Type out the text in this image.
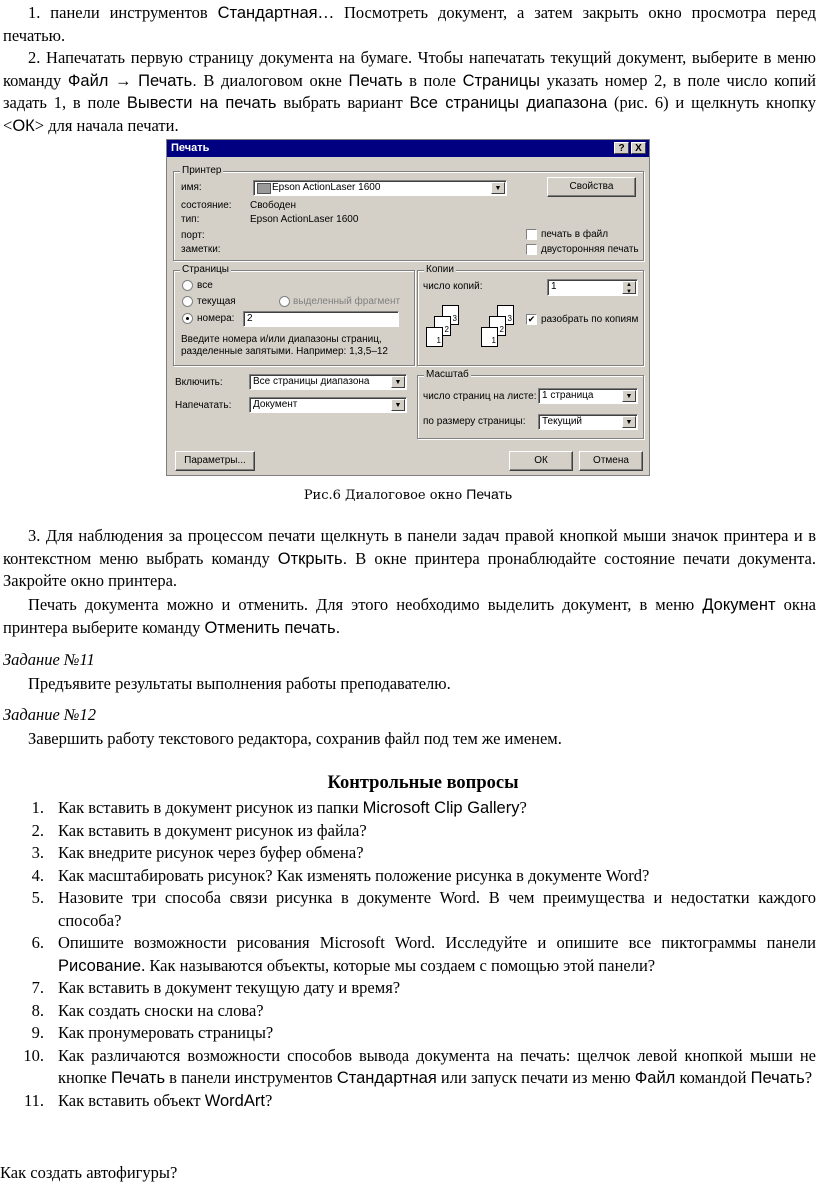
1. панели инструментов Стандартная… Посмотреть документ, а затем закрыть окно просмотра перед печатью.
2. Напечатать первую страницу документа на бумаге. Чтобы напечатать текущий документ, выберите в меню команду Файл → Печать. В диалоговом окне Печать в поле Страницы указать номер 2, в поле число копий задать 1, в поле Вывести на печать выбрать вариант Все страницы диапазона (рис. 6) и щелкнуть кнопку <ОК> для начала печати.
Печать	?	X
Принтер
имя:	Epson ActionLaser 1600	▼	Свойства
состояние: Свободен
тип:	Epson ActionLaser 1600
порт:
заметки:
печать в файл
двусторонняя печать
Страницы
все
текущая	выделенный фрагмент
номера:	2
Введите номера и/или диапазоны страниц,
разделенные запятыми. Например: 1,3,5–12
Копии
число копий:	1	▲
▼
3
2
1
3
2
1
✔ разобрать по копиям
Включить:	Все страницы диапазона	▼
Напечатать:	Документ	▼
Масштаб
число страниц на листе: 1 страница	▼
по размеру страницы:	Текущий	▼
Параметры...	ОК	Отмена
Рис.6 Диалоговое окно Печать
3. Для наблюдения за процессом печати щелкнуть в панели задач правой кнопкой мыши значок принтера и в контекстном меню выбрать команду Открыть. В окне принтера пронаблюдайте состояние печати документа. Закройте окно принтера.
Печать документа можно и отменить. Для этого необходимо выделить документ, в меню Документ окна принтера выберите команду Отменить печать.
Задание №11
Предъявите результаты выполнения работы преподавателю.
Задание №12
Завершить работу текстового редактора, сохранив файл под тем же именем.
Контрольные вопросы
1. Как вставить в документ рисунок из папки Microsoft Clip Gallery?
2. Как вставить в документ рисунок из файла?
3. Как внедрите рисунок через буфер обмена?
4. Как масштабировать рисунок? Как изменять положение рисунка в документе Word?
5. Назовите три способа связи рисунка в документе Word. В чем преимущества и недостатки каждого способа?
6. Опишите возможности рисования Microsoft Word. Исследуйте и опишите все пиктограммы панели Рисование. Как называются объекты, которые мы создаем с помощью этой панели?
7. Как вставить в документ текущую дату и время?
8. Как создать сноски на слова?
9. Как пронумеровать страницы?
10. Как различаются возможности способов вывода документа на печать: щелчок левой кнопкой мыши не кнопке Печать в панели инструментов Стандартная или запуск печати из меню Файл командой Печать?
11. Как вставить объект WordArt?
Как создать автофигуры?
